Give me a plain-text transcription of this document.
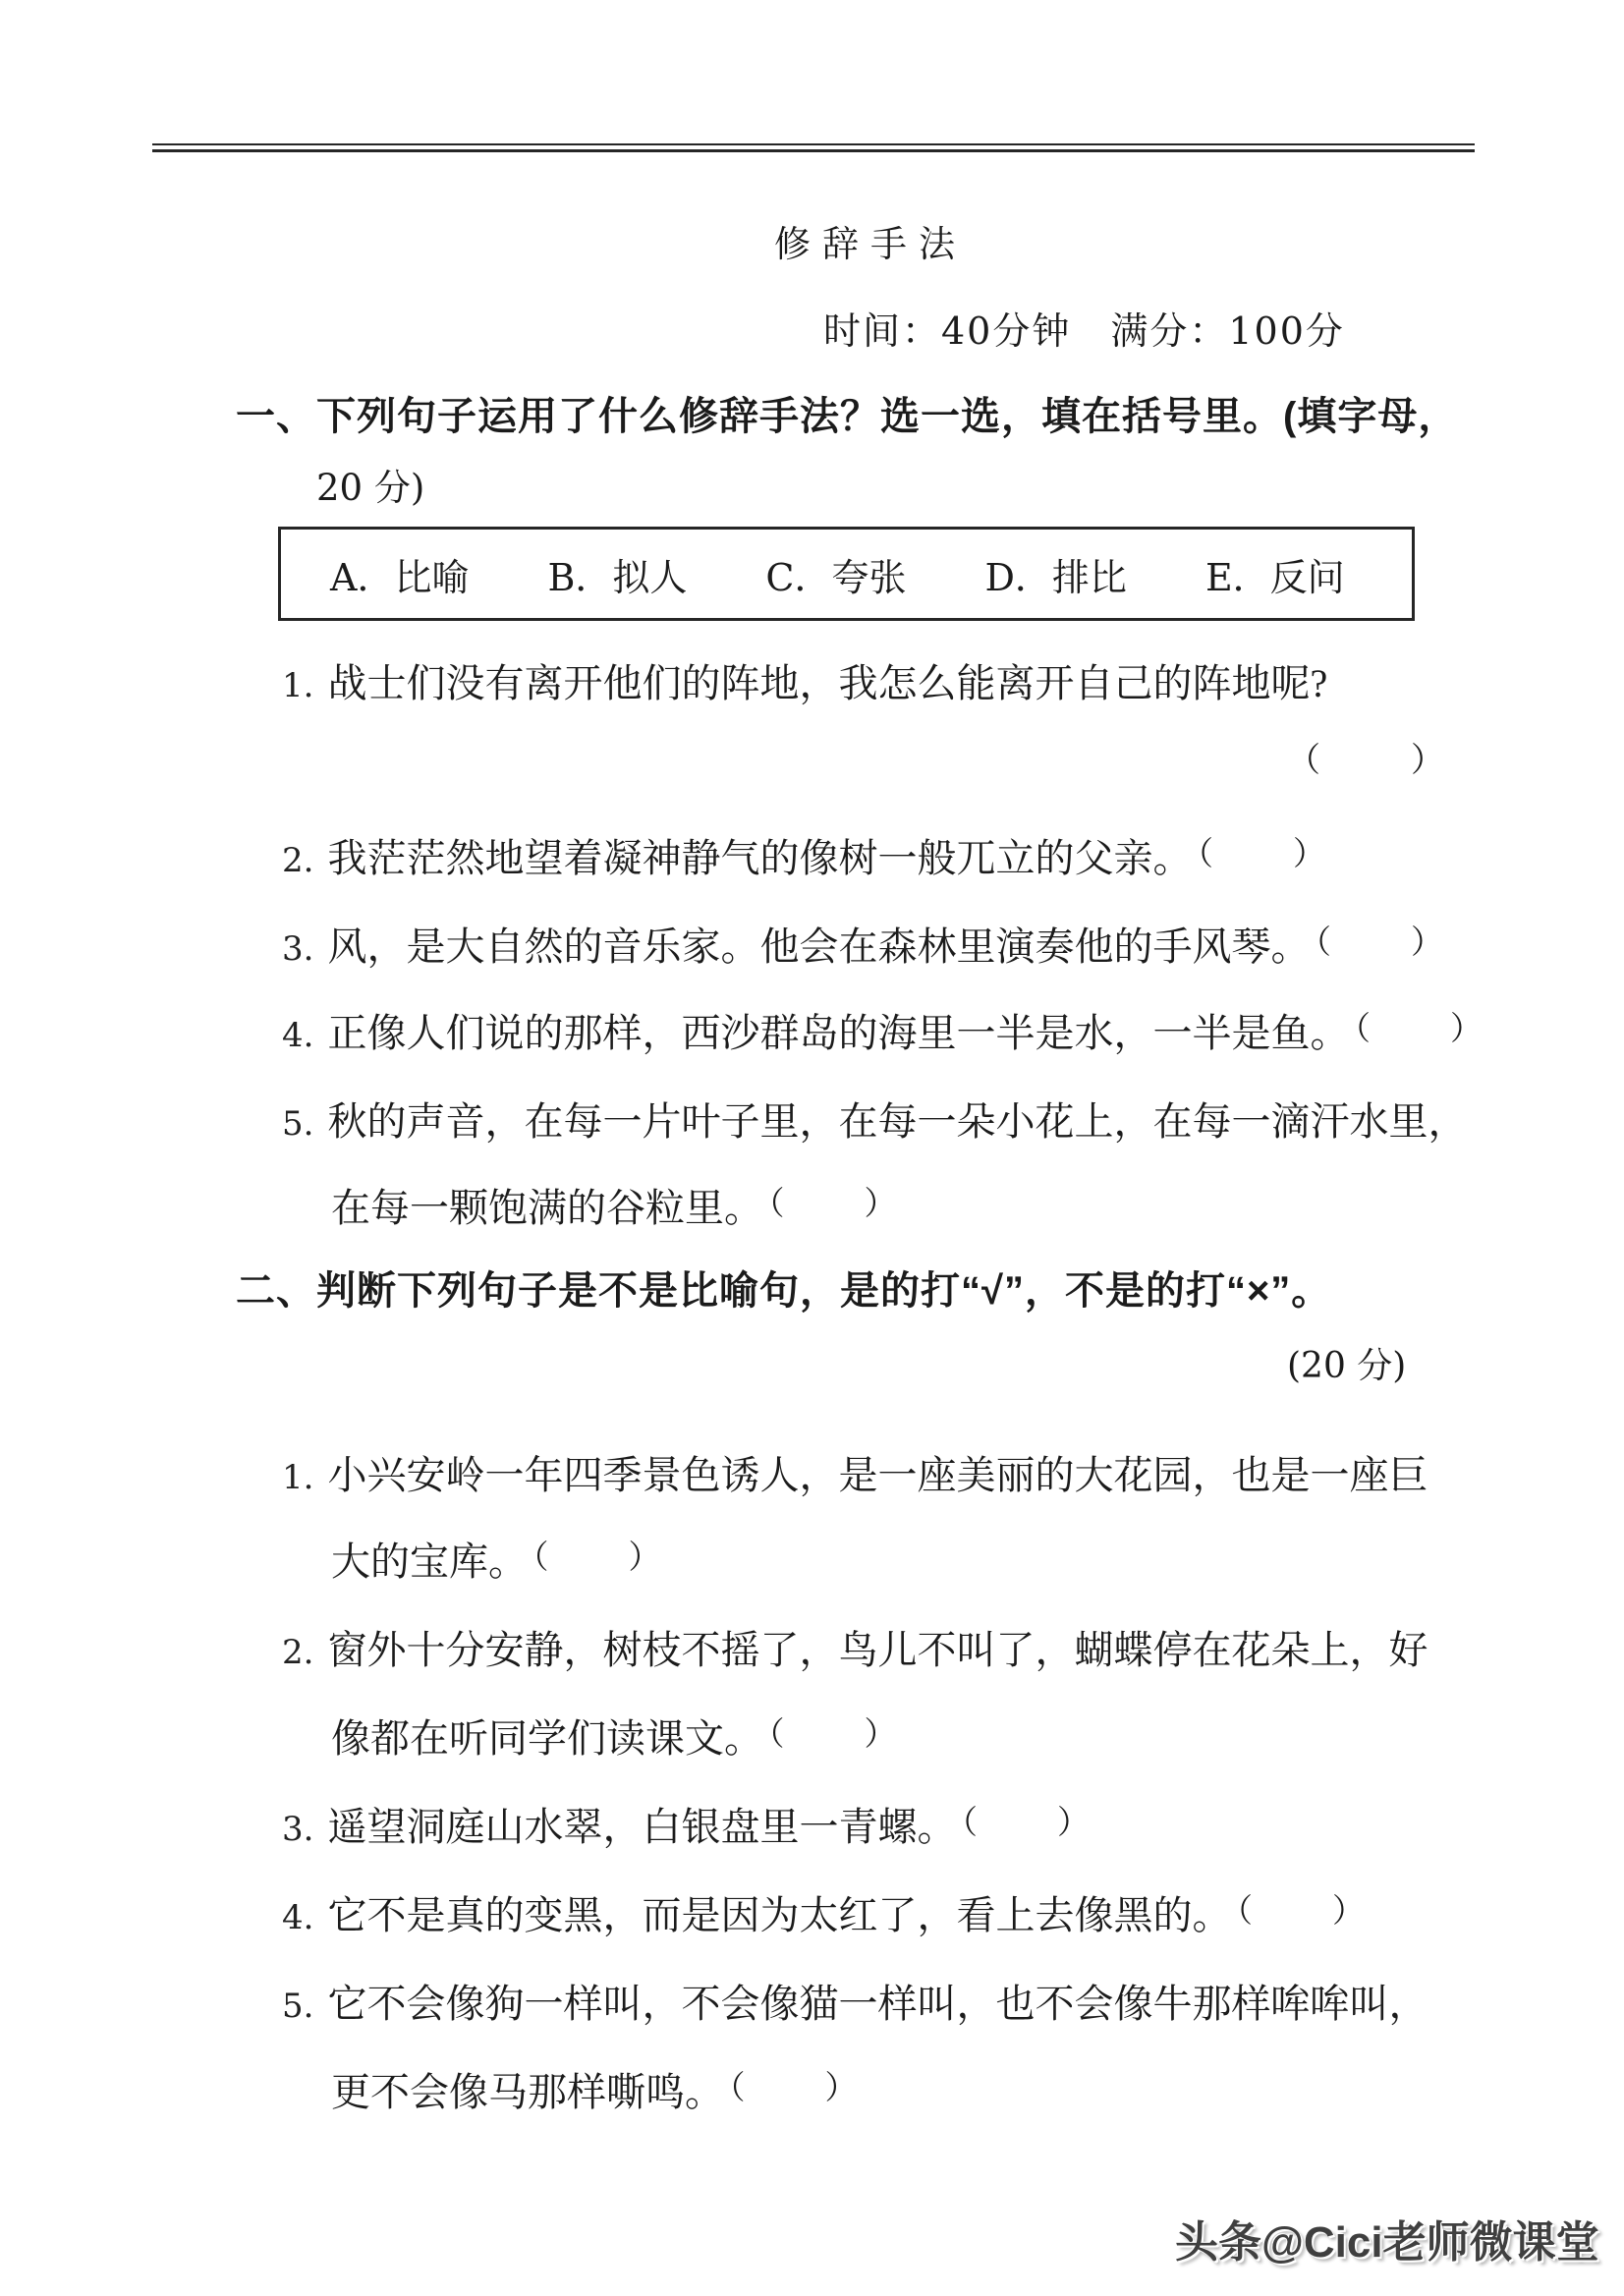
修辞手法
时间：40分钟　满分：100分
一、下列句子运用了什么修辞手法？选一选，填在括号里。(填字母，
20 分)
A．比喻 B．拟人 C．夸张 D．排比 E．反问
1. 战士们没有离开他们的阵地，我怎么能离开自己的阵地呢?
（　　）
2. 我茫茫然地望着凝神静气的像树一般兀立的父亲。 （　　）
3. 风，是大自然的音乐家。他会在森林里演奏他的手风琴。 （　　）
4. 正像人们说的那样，西沙群岛的海里一半是水，一半是鱼。 （　　）
5. 秋的声音，在每一片叶子里，在每一朵小花上，在每一滴汗水里，
在每一颗饱满的谷粒里。 （　　）
二、判断下列句子是不是比喻句，是的打“√”，不是的打“×”。
(20 分)
1. 小兴安岭一年四季景色诱人，是一座美丽的大花园，也是一座巨
大的宝库。 （　　）
2. 窗外十分安静，树枝不摇了，鸟儿不叫了，蝴蝶停在花朵上，好
像都在听同学们读课文。 （　　）
3. 遥望洞庭山水翠，白银盘里一青螺。 （　　）
4. 它不是真的变黑，而是因为太红了，看上去像黑的。 （　　）
5. 它不会像狗一样叫，不会像猫一样叫，也不会像牛那样哞哞叫，
更不会像马那样嘶鸣。 （　　）
头条@Cici老师微课堂
